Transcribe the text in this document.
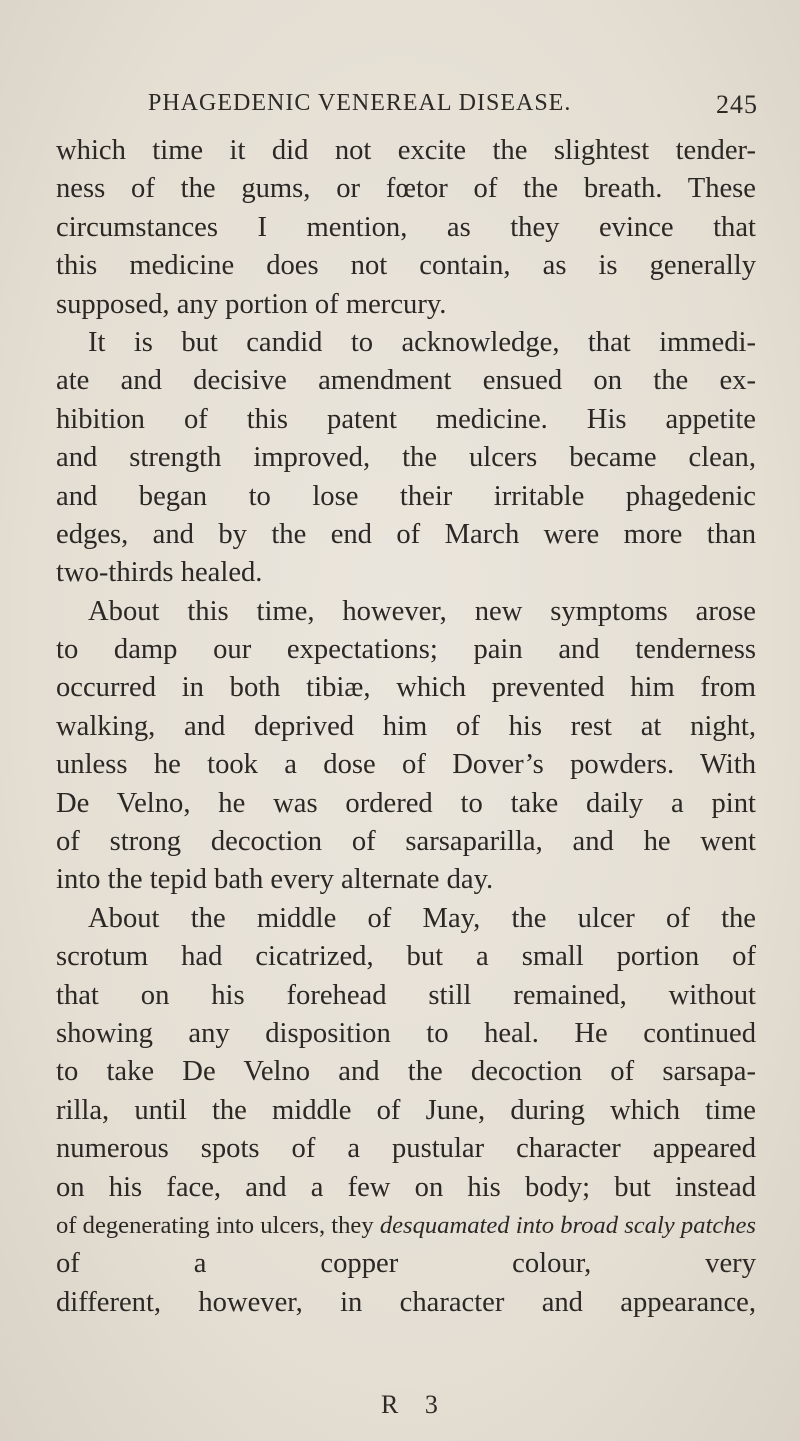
PHAGEDENIC VENEREAL DISEASE.	245
which time it did not excite the slightest tender-
ness of the gums, or fœtor of the breath. These
circumstances I mention, as they evince that
this medicine does not contain, as is generally
supposed, any portion of mercury.
It is but candid to acknowledge, that immedi-
ate and decisive amendment ensued on the ex-
hibition of this patent medicine. His appetite
and strength improved, the ulcers became clean,
and began to lose their irritable phagedenic
edges, and by the end of March were more than
two-thirds healed.
About this time, however, new symptoms arose
to damp our expectations; pain and tenderness
occurred in both tibiæ, which prevented him from
walking, and deprived him of his rest at night,
unless he took a dose of Dover’s powders. With
De Velno, he was ordered to take daily a pint
of strong decoction of sarsaparilla, and he went
into the tepid bath every alternate day.
About the middle of May, the ulcer of the
scrotum had cicatrized, but a small portion of
that on his forehead still remained, without
showing any disposition to heal. He continued
to take De Velno and the decoction of sarsapa-
rilla, until the middle of June, during which time
numerous spots of a pustular character appeared
on his face, and a few on his body; but instead
of degenerating into ulcers, they desquamated into broad scaly patches
of a copper colour, very
different, however, in character and appearance,
R 3
